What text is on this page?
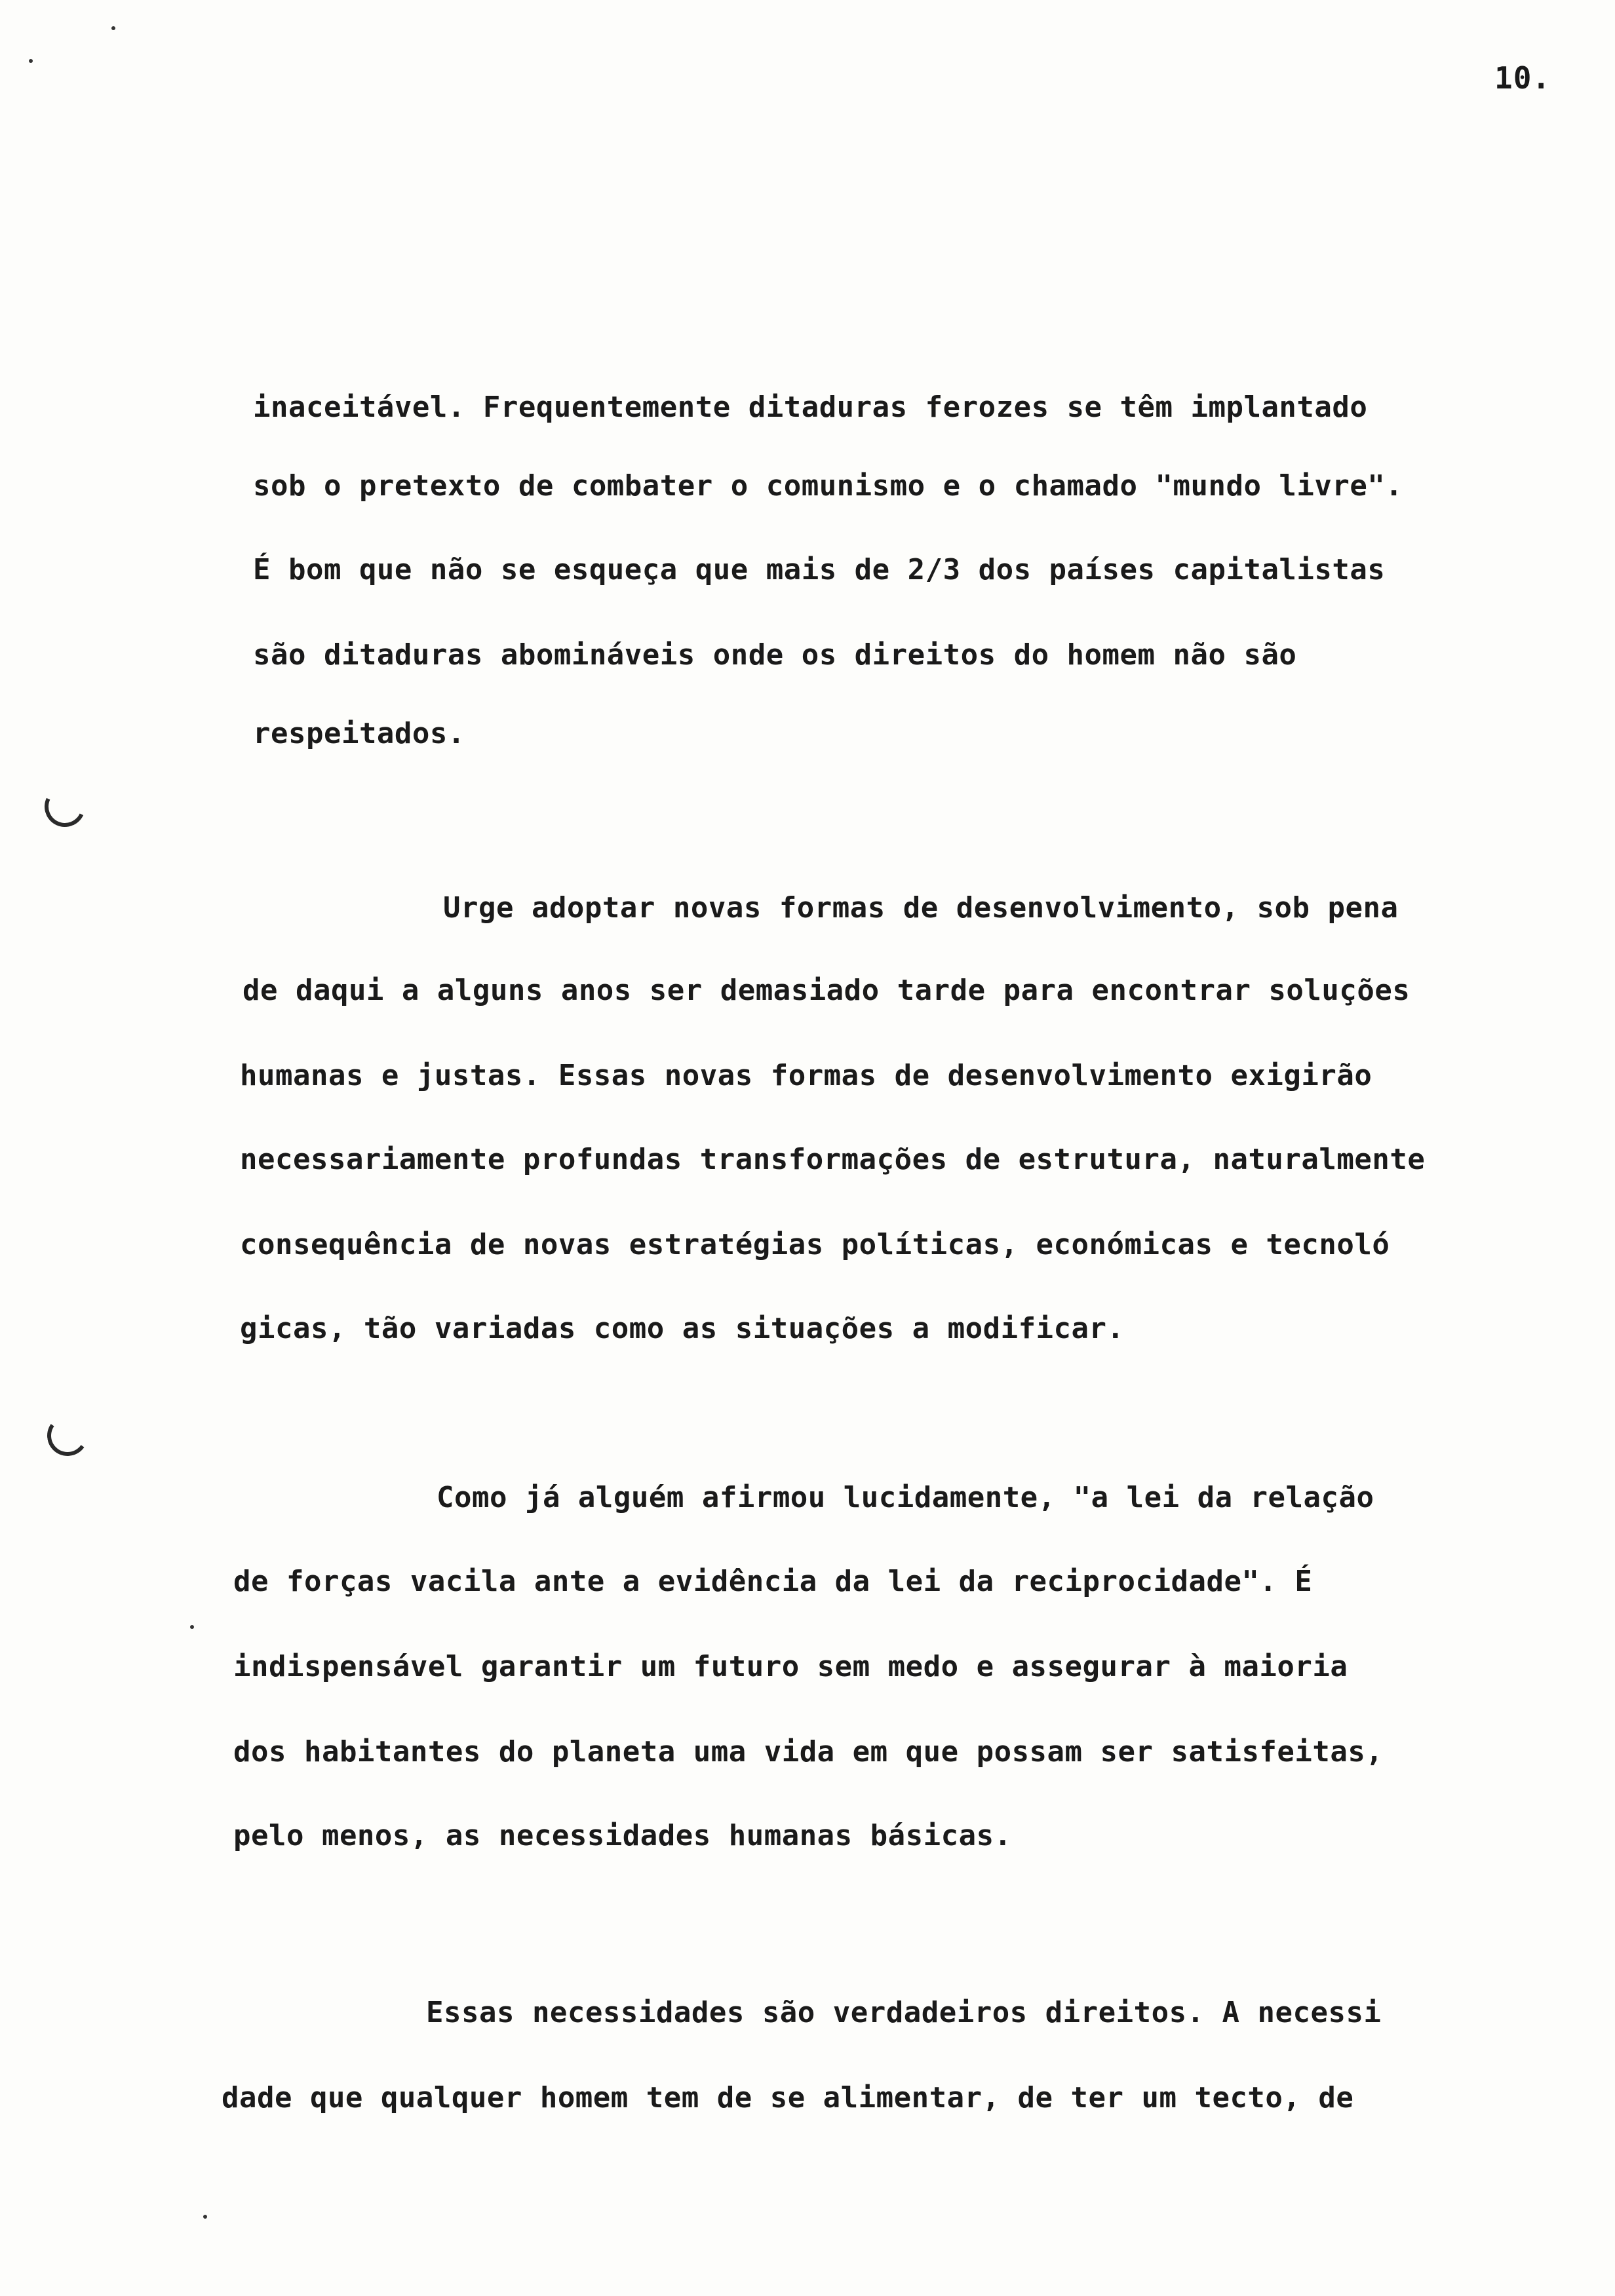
10.
inaceitável. Frequentemente ditaduras ferozes se têm implantado
sob o pretexto de combater o comunismo e o chamado "mundo livre".
É bom que não se esqueça que mais de 2/3 dos países capitalistas
são ditaduras abomináveis onde os direitos do homem não são
respeitados.
Urge adoptar novas formas de desenvolvimento, sob pena
de daqui a alguns anos ser demasiado tarde para encontrar soluções
humanas e justas. Essas novas formas de desenvolvimento exigirão
necessariamente profundas transformações de estrutura, naturalmente
consequência de novas estratégias políticas, económicas e tecnoló
gicas, tão variadas como as situações a modificar.
Como já alguém afirmou lucidamente, "a lei da relação
de forças vacila ante a evidência da lei da reciprocidade". É
indispensável garantir um futuro sem medo e assegurar à maioria
dos habitantes do planeta uma vida em que possam ser satisfeitas,
pelo menos, as necessidades humanas básicas.
Essas necessidades são verdadeiros direitos. A necessi
dade que qualquer homem tem de se alimentar, de ter um tecto, de
